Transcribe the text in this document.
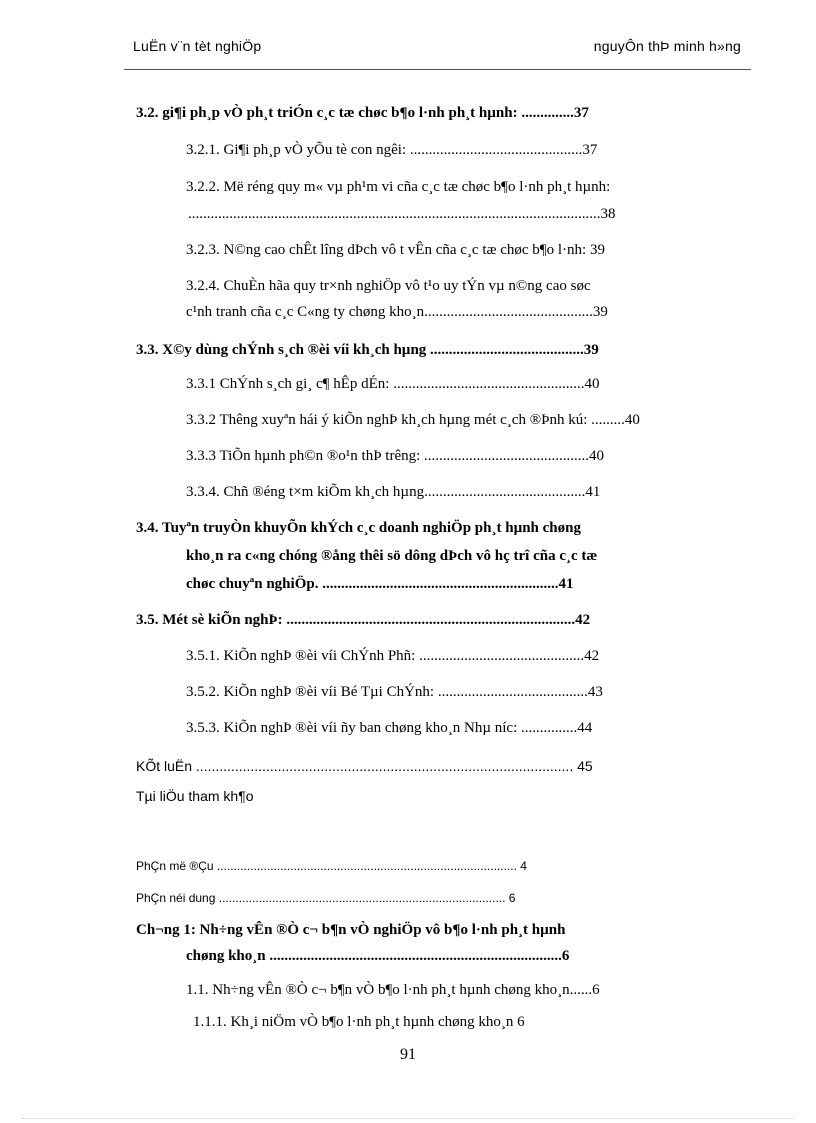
LuËn v¨n tèt nghiÖp	nguyÔn thÞ minh h»ng
3.2. gi¶i ph¸p vÒ ph¸t triÓn c¸c tæ chøc b¶o l·nh ph¸t hµnh: ..............37
3.2.1. Gi¶i ph¸p vÒ yÕu tè con ngêi: ..............................................37
3.2.2. Më réng quy m« vµ ph¹m vi cña c¸c tæ chøc b¶o l·nh ph¸t hµnh:
..............................................................................................................38
3.2.3. N©ng cao chÊt lîng dÞch vô t vÊn cña c¸c tæ chøc b¶o l·nh: 39
3.2.4. ChuÈn hãa quy tr×nh nghiÖp vô t¹o uy tÝn vµ n©ng cao søc
c¹nh tranh cña c¸c C«ng ty chøng kho¸n.............................................39
3.3. X©y dùng chÝnh s¸ch ®èi víi kh¸ch hµng .........................................39
3.3.1 ChÝnh s¸ch gi¸ c¶ hÊp dÉn: ...................................................40
3.3.2 Thêng xuyªn hái ý kiÕn nghÞ kh¸ch hµng mét c¸ch ®Þnh kú: .........40
3.3.3 TiÕn hµnh ph©n ®o¹n thÞ trêng: ............................................40
3.3.4. Chñ ®éng t×m kiÕm kh¸ch hµng...........................................41
3.4. Tuyªn truyÒn khuyÕn khÝch c¸c doanh nghiÖp ph¸t hµnh chøng
kho¸n ra c«ng chóng ®ång thêi sö dông dÞch vô hç trî cña c¸c tæ
chøc chuyªn nghiÖp. ...............................................................41
3.5. Mét sè kiÕn nghÞ: .............................................................................42
3.5.1. KiÕn nghÞ ®èi víi ChÝnh Phñ: ............................................42
3.5.2. KiÕn nghÞ ®èi víi Bé Tµi ChÝnh: ........................................43
3.5.3. KiÕn nghÞ ®èi víi ñy ban chøng kho¸n Nhµ níc: ...............44
KÕt luËn ................................................................................................. 45
Tµi liÖu tham kh¶o
PhÇn më ®Çu .......................................................................................... 4
PhÇn néi dung ...................................................................................... 6
Ch¬ng 1: Nh÷ng vÊn ®Ò c¬ b¶n vÒ nghiÖp vô b¶o l·nh ph¸t hµnh
chøng kho¸n ..............................................................................6
1.1. Nh÷ng vÊn ®Ò c¬ b¶n vÒ b¶o l·nh ph¸t hµnh chøng kho¸n......6
1.1.1. Kh¸i niÖm vÒ b¶o l·nh ph¸t hµnh chøng kho¸n 6
91
